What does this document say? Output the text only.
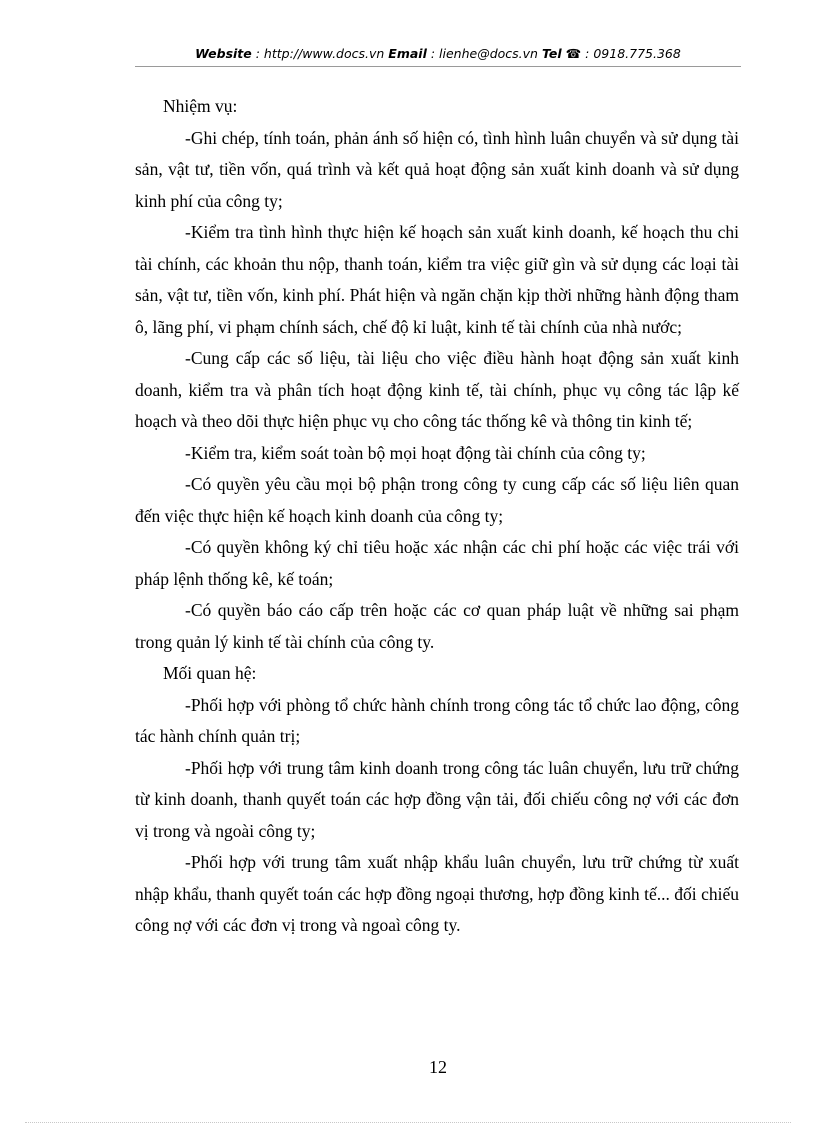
Website : http://www.docs.vn Email : lienhe@docs.vn Tel ☎ : 0918.775.368

Nhiệm vụ:

-Ghi chép, tính toán, phản ánh số hiện có, tình hình luân chuyển và sử dụng tài sản, vật tư, tiền vốn, quá trình và kết quả hoạt động sản xuất kinh doanh và sử dụng kinh phí của công ty;

-Kiểm tra tình hình thực hiện kế hoạch sản xuất kinh doanh, kế hoạch thu chi tài chính, các khoản thu nộp, thanh toán, kiểm tra việc giữ gìn và sử dụng các loại tài sản, vật tư, tiền vốn, kinh phí. Phát hiện và ngăn chặn kịp thời những hành động tham ô, lãng phí, vi phạm chính sách, chế độ kỉ luật, kinh tế tài chính của nhà nước;

-Cung cấp các số liệu, tài liệu cho việc điều hành hoạt động sản xuất kinh doanh, kiểm tra và phân tích hoạt động kinh tế, tài chính, phục vụ công tác lập kế hoạch và theo dõi thực hiện phục vụ cho công tác thống kê và thông tin kinh tế;

-Kiểm tra, kiểm soát toàn bộ mọi hoạt động tài chính của công ty;

-Có quyền yêu cầu mọi bộ phận trong công ty cung cấp các số liệu liên quan đến việc thực hiện kế hoạch kinh doanh của công ty;

-Có quyền không ký chỉ tiêu hoặc xác nhận các chi phí hoặc các việc trái với pháp lệnh thống kê, kế toán;

-Có quyền báo cáo cấp trên hoặc các cơ quan pháp luật về những sai phạm trong quản lý kinh tế tài chính của công ty.

Mối quan hệ:

-Phối hợp với phòng tổ chức hành chính trong công tác tổ chức lao động, công tác hành chính quản trị;

-Phối hợp với trung tâm kinh doanh trong công tác luân chuyển, lưu trữ chứng từ kinh doanh, thanh quyết toán các hợp đồng vận tải, đối chiếu công nợ với các đơn vị trong và ngoài công ty;

-Phối hợp với trung tâm xuất nhập khẩu luân chuyển, lưu trữ chứng từ xuất nhập khẩu, thanh quyết toán các hợp đồng ngoại thương, hợp đồng kinh tế... đối chiếu công nợ với các đơn vị trong và ngoaì công ty.

12
